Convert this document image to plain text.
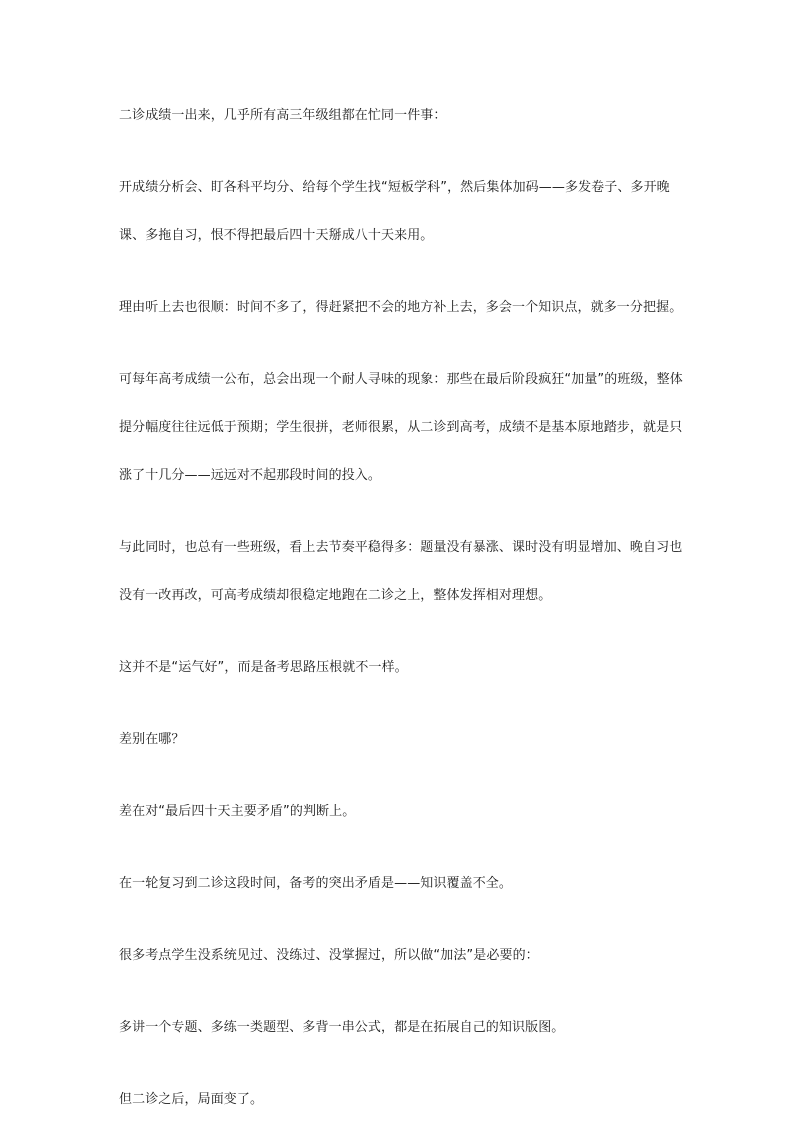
二诊成绩一出来，几乎所有高三年级组都在忙同一件事：

开成绩分析会、盯各科平均分、给每个学生找“短板学科”，然后集体加码——多发卷子、多开晚课、多拖自习，恨不得把最后四十天掰成八十天来用。

理由听上去也很顺：时间不多了，得赶紧把不会的地方补上去，多会一个知识点，就多一分把握。

可每年高考成绩一公布，总会出现一个耐人寻味的现象：那些在最后阶段疯狂“加量”的班级，整体提分幅度往往远低于预期；学生很拼，老师很累，从二诊到高考，成绩不是基本原地踏步，就是只涨了十几分——远远对不起那段时间的投入。

与此同时，也总有一些班级，看上去节奏平稳得多：题量没有暴涨、课时没有明显增加、晚自习也没有一改再改，可高考成绩却很稳定地跑在二诊之上，整体发挥相对理想。

这并不是“运气好”，而是备考思路压根就不一样。

差别在哪？

差在对“最后四十天主要矛盾”的判断上。

在一轮复习到二诊这段时间，备考的突出矛盾是——知识覆盖不全。

很多考点学生没系统见过、没练过、没掌握过，所以做“加法”是必要的：

多讲一个专题、多练一类题型、多背一串公式，都是在拓展自己的知识版图。

但二诊之后，局面变了。
